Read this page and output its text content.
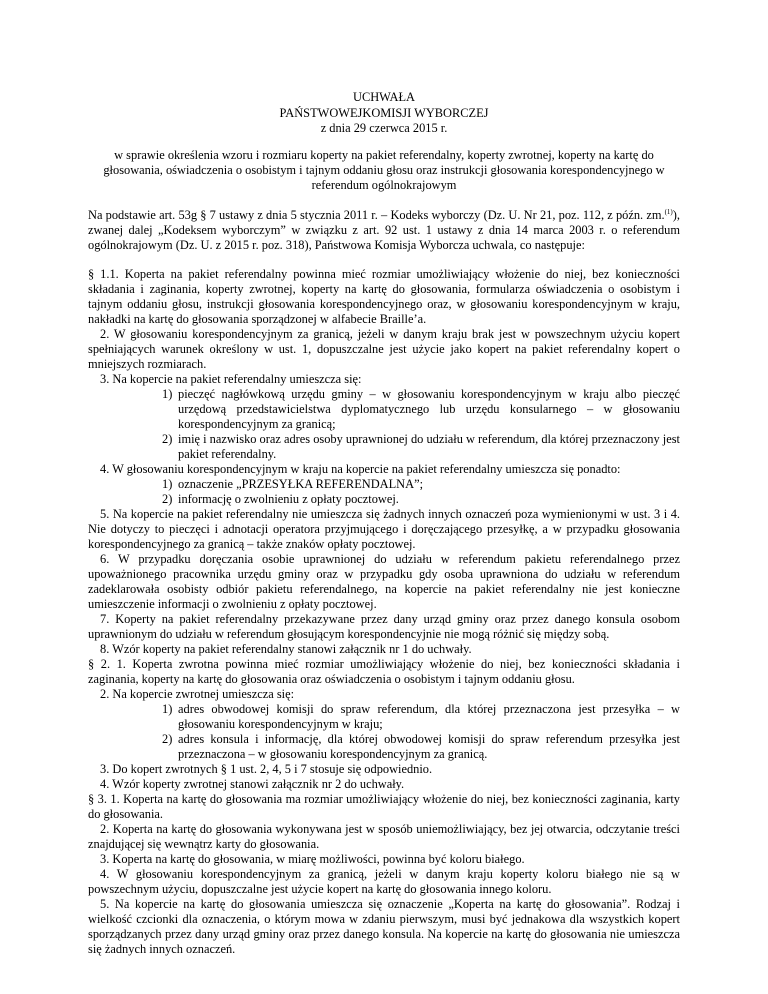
UCHWAŁA
PAŃSTWOWEJKOMISJI WYBORCZEJ
z dnia 29 czerwca 2015 r.

w sprawie określenia wzoru i rozmiaru koperty na pakiet referendalny, koperty zwrotnej, koperty na kartę do głosowania, oświadczenia o osobistym i tajnym oddaniu głosu oraz instrukcji głosowania korespondencyjnego w referendum ogólnokrajowym

Na podstawie art. 53g § 7 ustawy z dnia 5 stycznia 2011 r. – Kodeks wyborczy (Dz. U. Nr 21, poz. 112, z późn. zm.$^{(1)}$), zwanej dalej „Kodeksem wyborczym” w związku z art. 92 ust. 1 ustawy z dnia 14 marca 2003 r. o referendum ogólnokrajowym (Dz. U. z 2015 r. poz. 318), Państwowa Komisja Wyborcza uchwala, co następuje:

§ 1.1. Koperta na pakiet referendalny powinna mieć rozmiar umożliwiający włożenie do niej, bez konieczności składania i zaginania, koperty zwrotnej, koperty na kartę do głosowania, formularza oświadczenia o osobistym i tajnym oddaniu głosu, instrukcji głosowania korespondencyjnego oraz, w głosowaniu korespondencyjnym w kraju, nakładki na kartę do głosowania sporządzonej w alfabecie Braille’a.

2. W głosowaniu korespondencyjnym za granicą, jeżeli w danym kraju brak jest w powszechnym użyciu kopert spełniających warunek określony w ust. 1, dopuszczalne jest użycie jako kopert na pakiet referendalny kopert o mniejszych rozmiarach.

3. Na kopercie na pakiet referendalny umieszcza się:

1) pieczęć nagłówkową urzędu gminy – w głosowaniu korespondencyjnym w kraju albo pieczęć urzędową przedstawicielstwa dyplomatycznego lub urzędu konsularnego – w głosowaniu korespondencyjnym za granicą;

2) imię i nazwisko oraz adres osoby uprawnionej do udziału w referendum, dla której przeznaczony jest pakiet referendalny.

4. W głosowaniu korespondencyjnym w kraju na kopercie na pakiet referendalny umieszcza się ponadto:

1) oznaczenie „PRZESYŁKA REFERENDALNA”;

2) informację o zwolnieniu z opłaty pocztowej.

5. Na kopercie na pakiet referendalny nie umieszcza się żadnych innych oznaczeń poza wymienionymi w ust. 3 i 4. Nie dotyczy to pieczęci i adnotacji operatora przyjmującego i doręczającego przesyłkę, a w przypadku głosowania korespondencyjnego za granicą – także znaków opłaty pocztowej.

6. W przypadku doręczania osobie uprawnionej do udziału w referendum pakietu referendalnego przez upoważnionego pracownika urzędu gminy oraz w przypadku gdy osoba uprawniona do udziału w referendum zadeklarowała osobisty odbiór pakietu referendalnego, na kopercie na pakiet referendalny nie jest konieczne umieszczenie informacji o zwolnieniu z opłaty pocztowej.

7. Koperty na pakiet referendalny przekazywane przez dany urząd gminy oraz przez danego konsula osobom uprawnionym do udziału w referendum głosującym korespondencyjnie nie mogą różnić się między sobą.

8. Wzór koperty na pakiet referendalny stanowi załącznik nr 1 do uchwały.

§ 2. 1. Koperta zwrotna powinna mieć rozmiar umożliwiający włożenie do niej, bez konieczności składania i zaginania, koperty na kartę do głosowania oraz oświadczenia o osobistym i tajnym oddaniu głosu.

2. Na kopercie zwrotnej umieszcza się:

1) adres obwodowej komisji do spraw referendum, dla której przeznaczona jest przesyłka – w głosowaniu korespondencyjnym w kraju;

2) adres konsula i informację, dla której obwodowej komisji do spraw referendum przesyłka jest przeznaczona – w głosowaniu korespondencyjnym za granicą.

3. Do kopert zwrotnych § 1 ust. 2, 4, 5 i 7 stosuje się odpowiednio.

4. Wzór koperty zwrotnej stanowi załącznik nr 2 do uchwały.

§ 3. 1. Koperta na kartę do głosowania ma rozmiar umożliwiający włożenie do niej, bez konieczności zaginania, karty do głosowania.

2. Koperta na kartę do głosowania wykonywana jest w sposób uniemożliwiający, bez jej otwarcia, odczytanie treści znajdującej się wewnątrz karty do głosowania.

3. Koperta na kartę do głosowania, w miarę możliwości, powinna być koloru białego.

4. W głosowaniu korespondencyjnym za granicą, jeżeli w danym kraju koperty koloru białego nie są w powszechnym użyciu, dopuszczalne jest użycie kopert na kartę do głosowania innego koloru.

5. Na kopercie na kartę do głosowania umieszcza się oznaczenie „Koperta na kartę do głosowania”. Rodzaj i wielkość czcionki dla oznaczenia, o którym mowa w zdaniu pierwszym, musi być jednakowa dla wszystkich kopert sporządzanych przez dany urząd gminy oraz przez danego konsula. Na kopercie na kartę do głosowania nie umieszcza się żadnych innych oznaczeń.
